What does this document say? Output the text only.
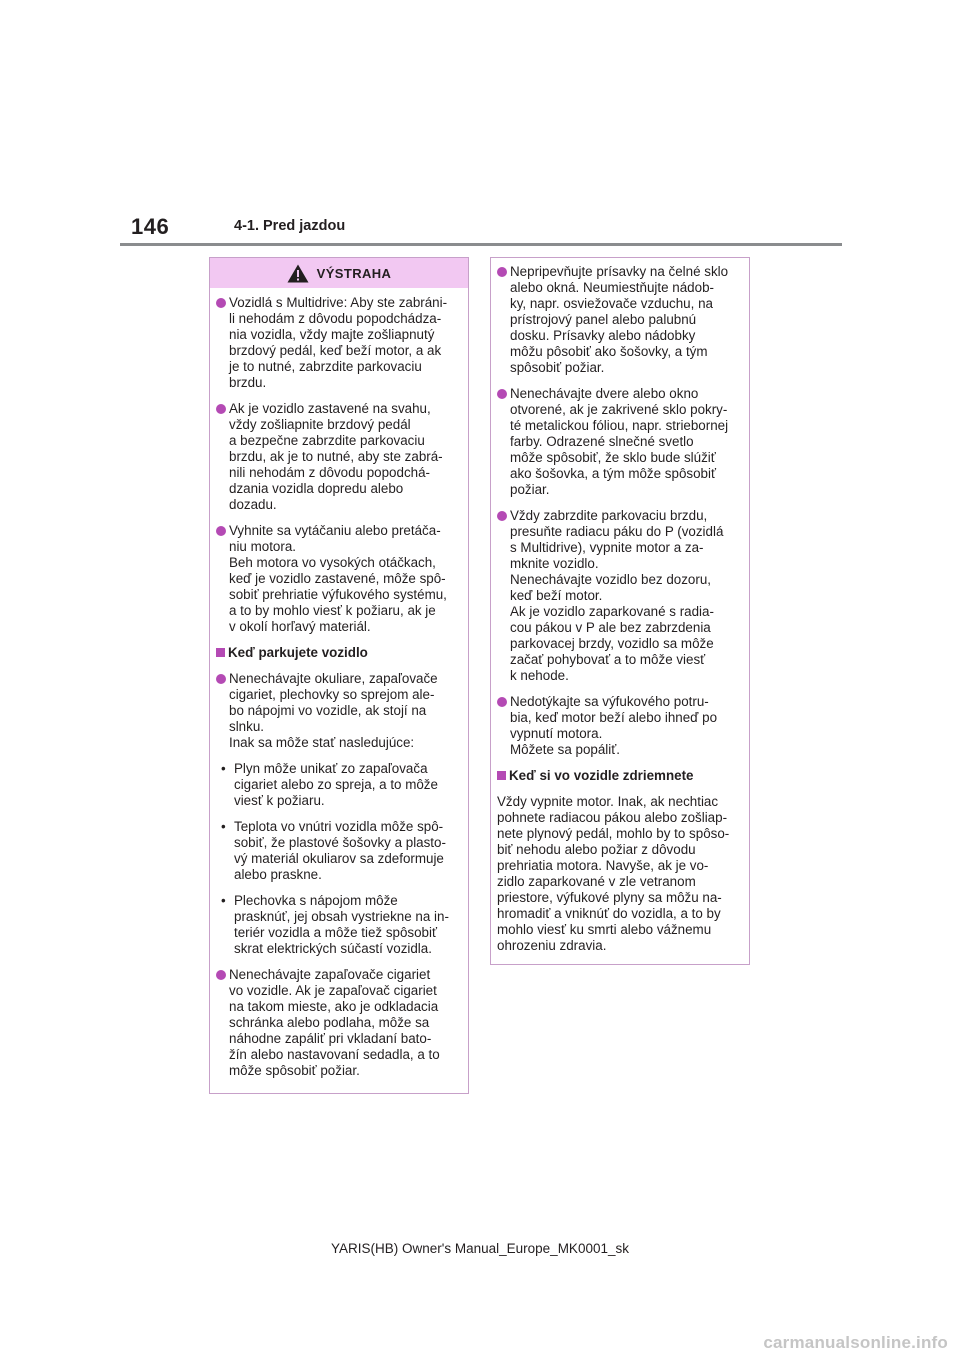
146	4-1. Pred jazdou
VÝSTRAHA
Vozidlá s Multidrive: Aby ste zabráni-
li nehodám z dôvodu popodchádza-
nia vozidla, vždy majte zošliapnutý
brzdový pedál, keď beží motor, a ak
je to nutné, zabrzdite parkovaciu
brzdu.
Ak je vozidlo zastavené na svahu,
vždy zošliapnite brzdový pedál
a bezpečne zabrzdite parkovaciu
brzdu, ak je to nutné, aby ste zabrá-
nili nehodám z dôvodu popodchá-
dzania vozidla dopredu alebo
dozadu.
Vyhnite sa vytáčaniu alebo pretáča-
niu motora.
Beh motora vo vysokých otáčkach,
keď je vozidlo zastavené, môže spô-
sobiť prehriatie výfukového systému,
a to by mohlo viesť k požiaru, ak je
v okolí horľavý materiál.
Keď parkujete vozidlo
Nenechávajte okuliare, zapaľovače
cigariet, plechovky so sprejom ale-
bo nápojmi vo vozidle, ak stojí na
slnku.
Inak sa môže stať nasledujúce:
• Plyn môže unikať zo zapaľovača
cigariet alebo zo spreja, a to môže
viesť k požiaru.
• Teplota vo vnútri vozidla môže spô-
sobiť, že plastové šošovky a plasto-
vý materiál okuliarov sa zdeformuje
alebo praskne.
• Plechovka s nápojom môže
prasknúť, jej obsah vystriekne na in-
teriér vozidla a môže tiež spôsobiť
skrat elektrických súčastí vozidla.
Nenechávajte zapaľovače cigariet
vo vozidle. Ak je zapaľovač cigariet
na takom mieste, ako je odkladacia
schránka alebo podlaha, môže sa
náhodne zapáliť pri vkladaní bato-
žín alebo nastavovaní sedadla, a to
môže spôsobiť požiar.
Nepripevňujte prísavky na čelné sklo
alebo okná. Neumiestňujte nádob-
ky, napr. osviežovače vzduchu, na
prístrojový panel alebo palubnú
dosku. Prísavky alebo nádobky
môžu pôsobiť ako šošovky, a tým
spôsobiť požiar.
Nenechávajte dvere alebo okno
otvorené, ak je zakrivené sklo pokry-
té metalickou fóliou, napr. striebornej
farby. Odrazené slnečné svetlo
môže spôsobiť, že sklo bude slúžiť
ako šošovka, a tým môže spôsobiť
požiar.
Vždy zabrzdite parkovaciu brzdu,
presuňte radiacu páku do P (vozidlá
s Multidrive), vypnite motor a za-
mknite vozidlo.
Nenechávajte vozidlo bez dozoru,
keď beží motor.
Ak je vozidlo zaparkované s radia-
cou pákou v P ale bez zabrzdenia
parkovacej brzdy, vozidlo sa môže
začať pohybovať a to môže viesť
k nehode.
Nedotýkajte sa výfukového potru-
bia, keď motor beží alebo ihneď po
vypnutí motora.
Môžete sa popáliť.
Keď si vo vozidle zdriemnete
Vždy vypnite motor. Inak, ak nechtiac
pohnete radiacou pákou alebo zošliap-
nete plynový pedál, mohlo by to spôso-
biť nehodu alebo požiar z dôvodu
prehriatia motora. Navyše, ak je vo-
zidlo zaparkované v zle vetranom
priestore, výfukové plyny sa môžu na-
hromadiť a vniknúť do vozidla, a to by
mohlo viesť ku smrti alebo vážnemu
ohrozeniu zdravia.
YARIS(HB) Owner's Manual_Europe_MK0001_sk
carmanualsonline.info
